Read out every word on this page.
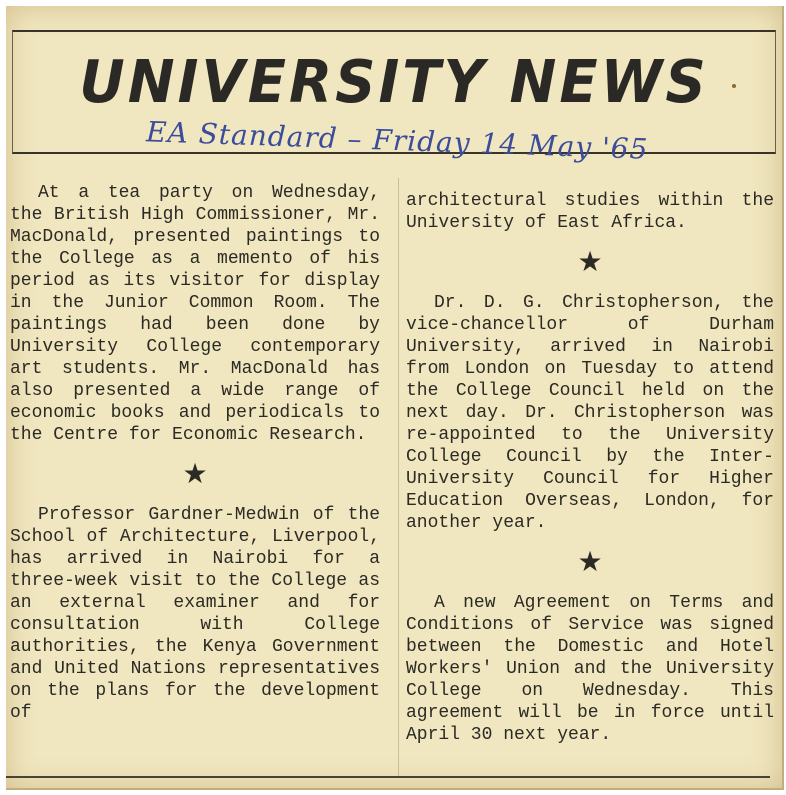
UNIVERSITY NEWS
EA Standard – Friday 14 May '65

At a tea party on Wednesday, the British High Commissioner, Mr. MacDonald, presented paintings to the College as a memento of his period as its visitor for display in the Junior Common Room. The paintings had been done by University College contemporary art students. Mr. MacDonald has also presented a wide range of economic books and periodicals to the Centre for Economic Research.

★

Professor Gardner-Medwin of the School of Architecture, Liverpool, has arrived in Nairobi for a three-week visit to the College as an external examiner and for consultation with College authorities, the Kenya Government and United Nations representatives on the plans for the development of

architectural studies within the University of East Africa.

★

Dr. D. G. Christopherson, the vice-chancellor of Durham University, arrived in Nairobi from London on Tuesday to attend the College Council held on the next day. Dr. Christopherson was re-appointed to the University College Council by the Inter-University Council for Higher Education Overseas, London, for another year.

★

A new Agreement on Terms and Conditions of Service was signed between the Domestic and Hotel Workers' Union and the University College on Wednesday. This agreement will be in force until April 30 next year.
